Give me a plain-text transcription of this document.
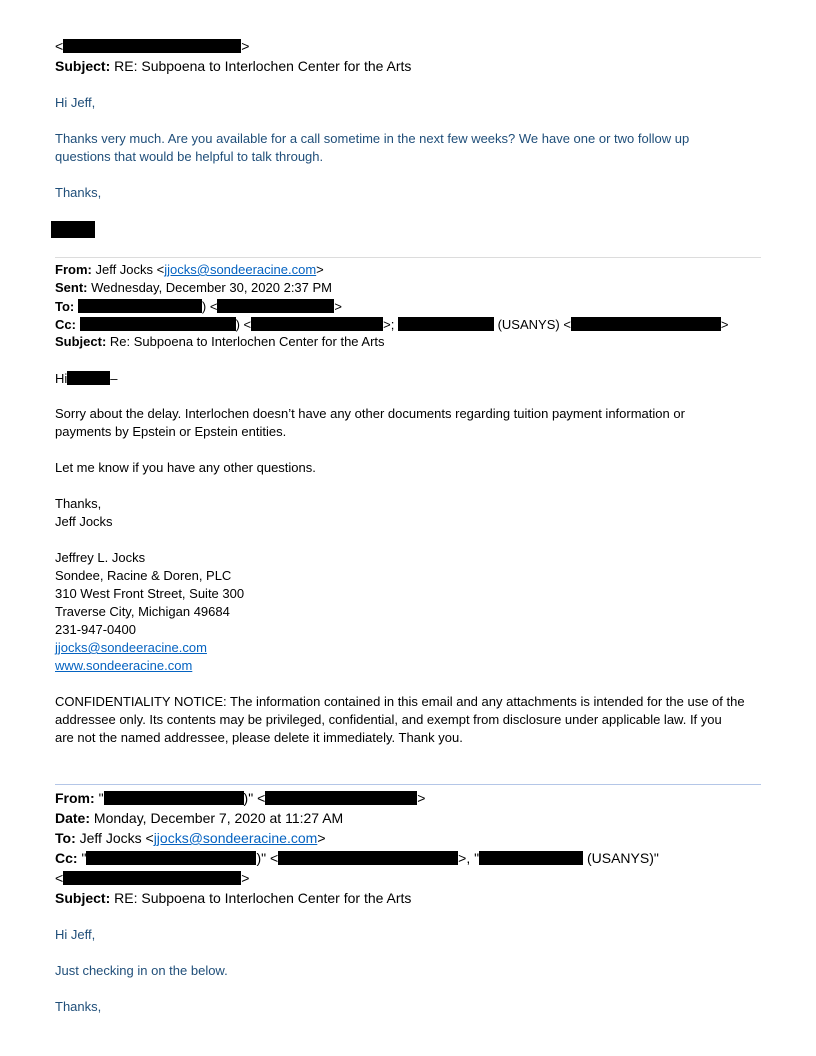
<	>
Subject: RE: Subpoena to Interlochen Center for the Arts
Hi Jeff,
Thanks very much. Are you available for a call sometime in the next few weeks? We have one or two follow up
questions that would be helpful to talk through.
Thanks,
From: Jeff Jocks <jjocks@sondeeracine.com>
Sent: Wednesday, December 30, 2020 2:37 PM
To:	) <	>
Cc:	) <	>;	(USANYS) <	>
Subject: Re: Subpoena to Interlochen Center for the Arts
Hi	–
Sorry about the delay. Interlochen doesn’t have any other documents regarding tuition payment information or
payments by Epstein or Epstein entities.
Let me know if you have any other questions.
Thanks,
Jeff Jocks
Jeffrey L. Jocks
Sondee, Racine & Doren, PLC
310 West Front Street, Suite 300
Traverse City, Michigan 49684
231-947-0400
jjocks@sondeeracine.com
www.sondeeracine.com
CONFIDENTIALITY NOTICE: The information contained in this email and any attachments is intended for the use of the
addressee only. Its contents may be privileged, confidential, and exempt from disclosure under applicable law. If you
are not the named addressee, please delete it immediately. Thank you.
From: "	)" <	>
Date: Monday, December 7, 2020 at 11:27 AM
To: Jeff Jocks <jjocks@sondeeracine.com>
Cc: "	)" <	>, "	(USANYS)"
<	>
Subject: RE: Subpoena to Interlochen Center for the Arts
Hi Jeff,
Just checking in on the below.
Thanks,
